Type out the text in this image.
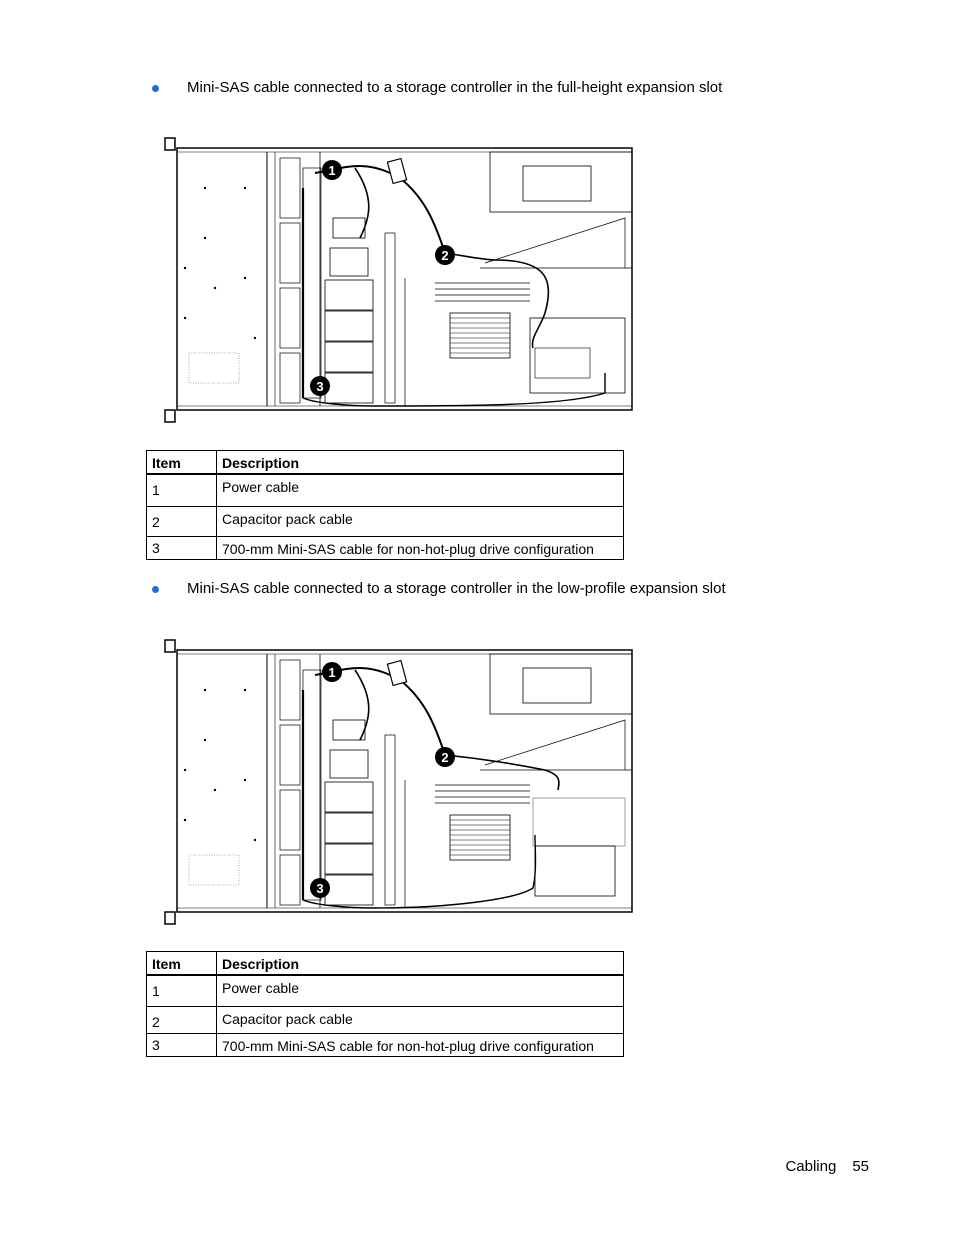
Mini-SAS cable connected to a storage controller in the full-height expansion slot
1
2
3
Item	Description
1	Power cable
2	Capacitor pack cable
3	700-mm Mini-SAS cable for non-hot-plug drive configuration
Mini-SAS cable connected to a storage controller in the low-profile expansion slot
1
2
3
Item	Description
1	Power cable
2	Capacitor pack cable
3	700-mm Mini-SAS cable for non-hot-plug drive configuration
Cabling 55
